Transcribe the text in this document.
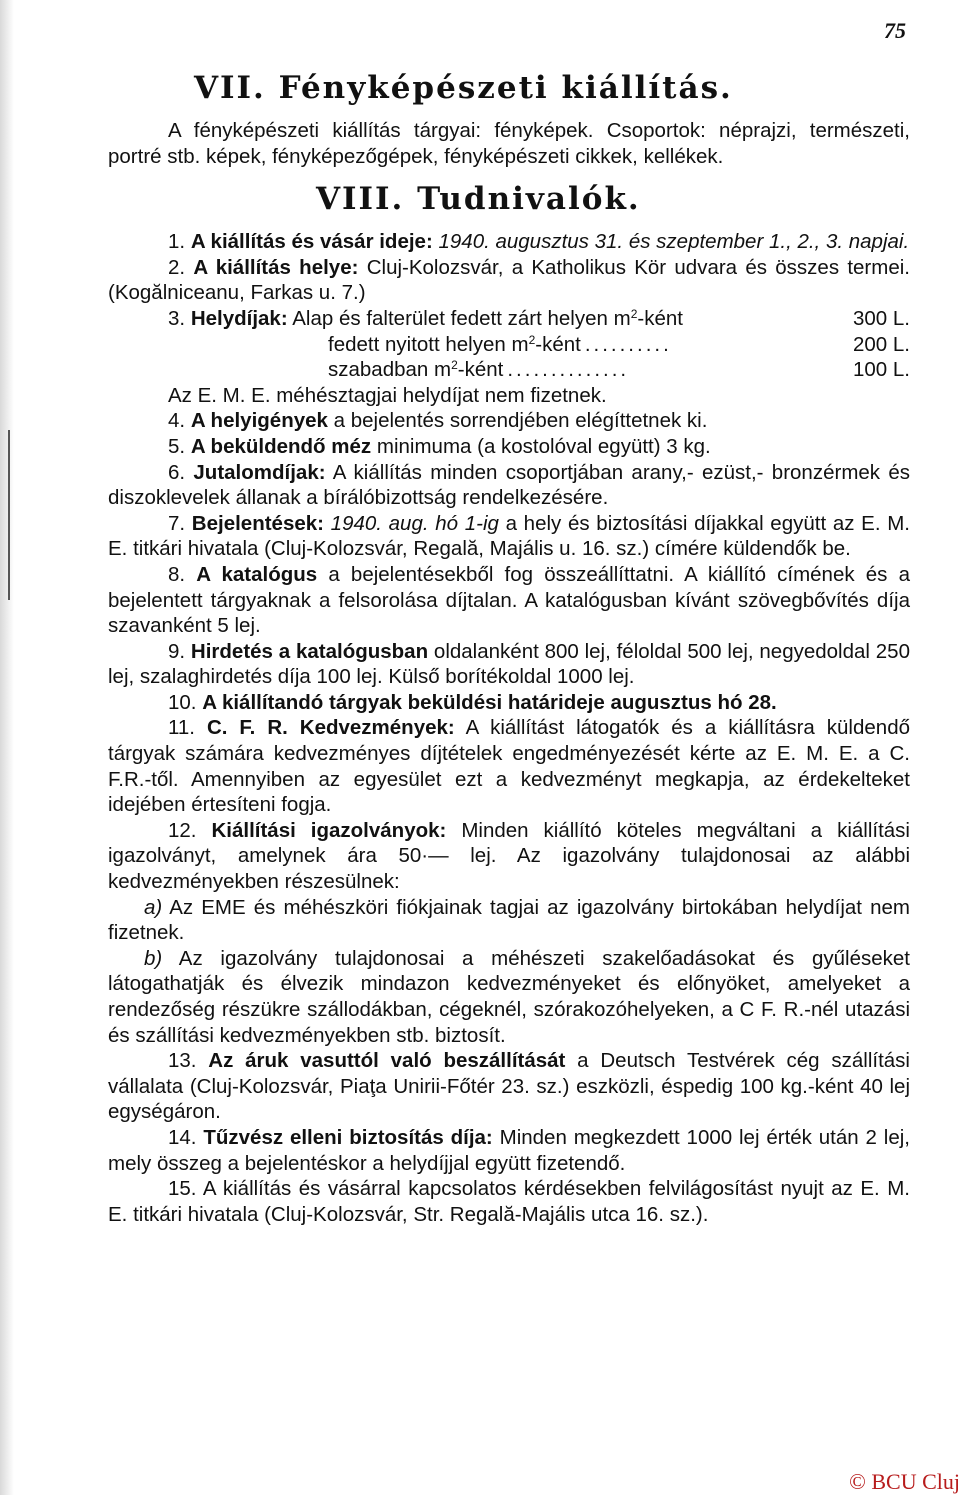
75

VII. Fényképészeti kiállítás.

A fényképészeti kiállítás tárgyai: fényképek. Csoportok: néprajzi, természeti, portré stb. képek, fényképezőgépek, fényképészeti cikkek, kellékek.

VIII. Tudnivalók.

1. A kiállítás és vásár ideje: 1940. augusztus 31. és szeptember 1., 2., 3. napjai.

2. A kiállítás helye: Cluj-Kolozsvár, a Katholikus Kör udvara és összes termei. (Kogălniceanu, Farkas u. 7.)

3. Helydíjak: Alap és falterület fedett zárt helyen $m^2$-ként	300 L.
fedett nyitott helyen $m^2$-ként ..........	200 L.
szabadban $m^2$-ként ..............	100 L.

Az E. M. E. méhésztagjai helydíjat nem fizetnek.

4. A helyigények a bejelentés sorrendjében elégíttetnek ki.

5. A beküldendő méz minimuma (a kostolóval együtt) 3 kg.

6. Jutalomdíjak: A kiállítás minden csoportjában arany,- ezüst,- bronzérmek és diszoklevelek állanak a bírálóbizottság rendelkezésére.

7. Bejelentések: 1940. aug. hó 1-ig a hely és biztosítási díjakkal együtt az E. M. E. titkári hivatala (Cluj-Kolozsvár, Regală, Majális u. 16. sz.) címére küldendők be.

8. A katalógus a bejelentésekből fog összeállíttatni. A kiállító címének és a bejelentett tárgyaknak a felsorolása díjtalan. A katalógusban kívánt szövegbővítés díja szavanként 5 lej.

9. Hirdetés a katalógusban oldalanként 800 lej, féloldal 500 lej, negyedoldal 250 lej, szalaghirdetés díja 100 lej. Külső borítékoldal 1000 lej.

10. A kiállítandó tárgyak beküldési határideje augusztus hó 28.

11. C. F. R. Kedvezmények: A kiállítást látogatók és a kiállításra küldendő tárgyak számára kedvezményes díjtételek engedményezését kérte az E. M. E. a C. F.R.-től. Amennyiben az egyesület ezt a kedvezményt megkapja, az érdekelteket idejében értesíteni fogja.

12. Kiállítási igazolványok: Minden kiállító köteles megváltani a kiállítási igazolványt, amelynek ára 50·— lej. Az igazolvány tulajdonosai az alábbi kedvezményekben részesülnek:

a) Az EME és méhészköri fiókjainak tagjai az igazolvány birtokában helydíjat nem fizetnek.

b) Az igazolvány tulajdonosai a méhészeti szakelőadásokat és gyűléseket látogathatják és élvezik mindazon kedvezményeket és előnyöket, amelyeket a rendezőség részükre szállodákban, cégeknél, szórakozóhelyeken, a C F. R.-nél utazási és szállítási kedvezményekben stb. biztosít.

13. Az áruk vasuttól való beszállítását a Deutsch Testvérek cég szállítási vállalata (Cluj-Kolozsvár, Piaţa Unirii-Főtér 23. sz.) eszközli, éspedig 100 kg.-ként 40 lej egységáron.

14. Tűzvész elleni biztosítás díja: Minden megkezdett 1000 lej érték után 2 lej, mely összeg a bejelentéskor a helydíjjal együtt fizetendő.

15. A kiállítás és vásárral kapcsolatos kérdésekben felvilágosítást nyujt az E. M. E. titkári hivatala (Cluj-Kolozsvár, Str. Regală-Majális utca 16. sz.).

© BCU Cluj
